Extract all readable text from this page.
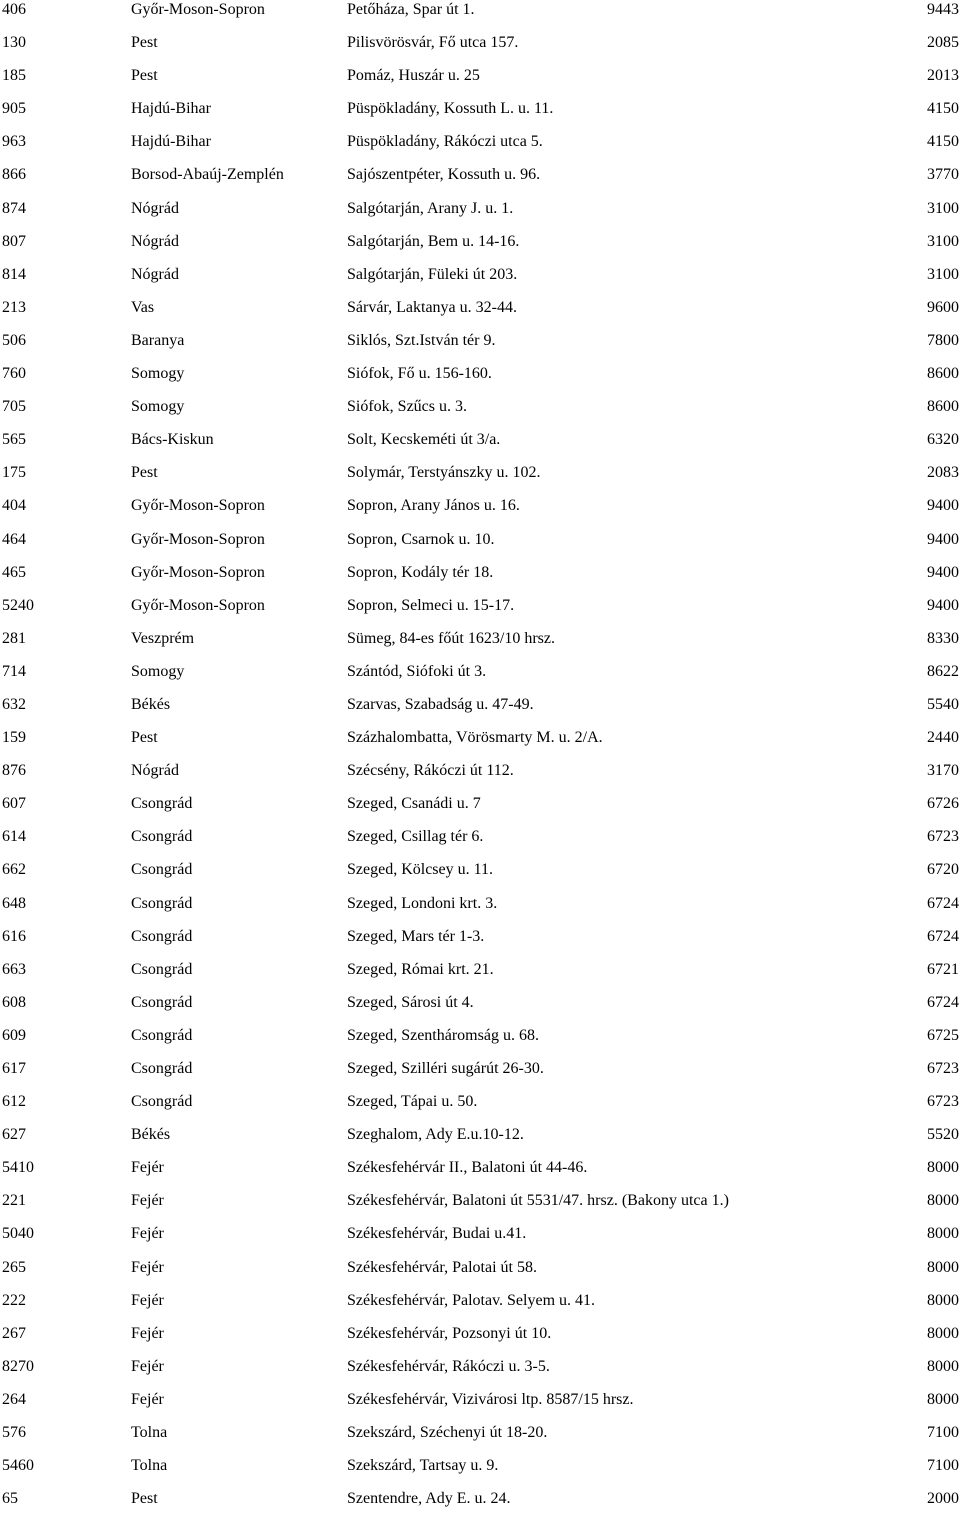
406	Győr-Moson-Sopron	Petőháza, Spar út 1.	9443
130	Pest	Pilisvörösvár, Fő utca 157.	2085
185	Pest	Pomáz, Huszár u. 25	2013
905	Hajdú-Bihar	Püspökladány, Kossuth L. u. 11.	4150
963	Hajdú-Bihar	Püspökladány, Rákóczi utca 5.	4150
866	Borsod-Abaúj-Zemplén	Sajószentpéter, Kossuth u. 96.	3770
874	Nógrád	Salgótarján, Arany J. u. 1.	3100
807	Nógrád	Salgótarján, Bem u. 14-16.	3100
814	Nógrád	Salgótarján, Füleki út 203.	3100
213	Vas	Sárvár, Laktanya u. 32-44.	9600
506	Baranya	Siklós, Szt.István tér 9.	7800
760	Somogy	Siófok, Fő u. 156-160.	8600
705	Somogy	Siófok, Szűcs u. 3.	8600
565	Bács-Kiskun	Solt, Kecskeméti út 3/a.	6320
175	Pest	Solymár, Terstyánszky u. 102.	2083
404	Győr-Moson-Sopron	Sopron, Arany János u. 16.	9400
464	Győr-Moson-Sopron	Sopron, Csarnok u. 10.	9400
465	Győr-Moson-Sopron	Sopron, Kodály tér 18.	9400
5240	Győr-Moson-Sopron	Sopron, Selmeci u. 15-17.	9400
281	Veszprém	Sümeg, 84-es főút 1623/10 hrsz.	8330
714	Somogy	Szántód, Siófoki út 3.	8622
632	Békés	Szarvas, Szabadság u. 47-49.	5540
159	Pest	Százhalombatta, Vörösmarty M. u. 2/A.	2440
876	Nógrád	Szécsény, Rákóczi út 112.	3170
607	Csongrád	Szeged, Csanádi u. 7	6726
614	Csongrád	Szeged, Csillag tér 6.	6723
662	Csongrád	Szeged, Kölcsey u. 11.	6720
648	Csongrád	Szeged, Londoni krt. 3.	6724
616	Csongrád	Szeged, Mars tér 1-3.	6724
663	Csongrád	Szeged, Római krt. 21.	6721
608	Csongrád	Szeged, Sárosi út 4.	6724
609	Csongrád	Szeged, Szentháromság u. 68.	6725
617	Csongrád	Szeged, Szilléri sugárút 26-30.	6723
612	Csongrád	Szeged, Tápai u. 50.	6723
627	Békés	Szeghalom, Ady E.u.10-12.	5520
5410	Fejér	Székesfehérvár II., Balatoni út 44-46.	8000
221	Fejér	Székesfehérvár, Balatoni út 5531/47. hrsz. (Bakony utca 1.)	8000
5040	Fejér	Székesfehérvár, Budai u.41.	8000
265	Fejér	Székesfehérvár, Palotai út 58.	8000
222	Fejér	Székesfehérvár, Palotav. Selyem u. 41.	8000
267	Fejér	Székesfehérvár, Pozsonyi út 10.	8000
8270	Fejér	Székesfehérvár, Rákóczi u. 3-5.	8000
264	Fejér	Székesfehérvár, Vizivárosi ltp. 8587/15 hrsz.	8000
576	Tolna	Szekszárd, Széchenyi út 18-20.	7100
5460	Tolna	Szekszárd, Tartsay u. 9.	7100
65	Pest	Szentendre, Ady E. u. 24.	2000
